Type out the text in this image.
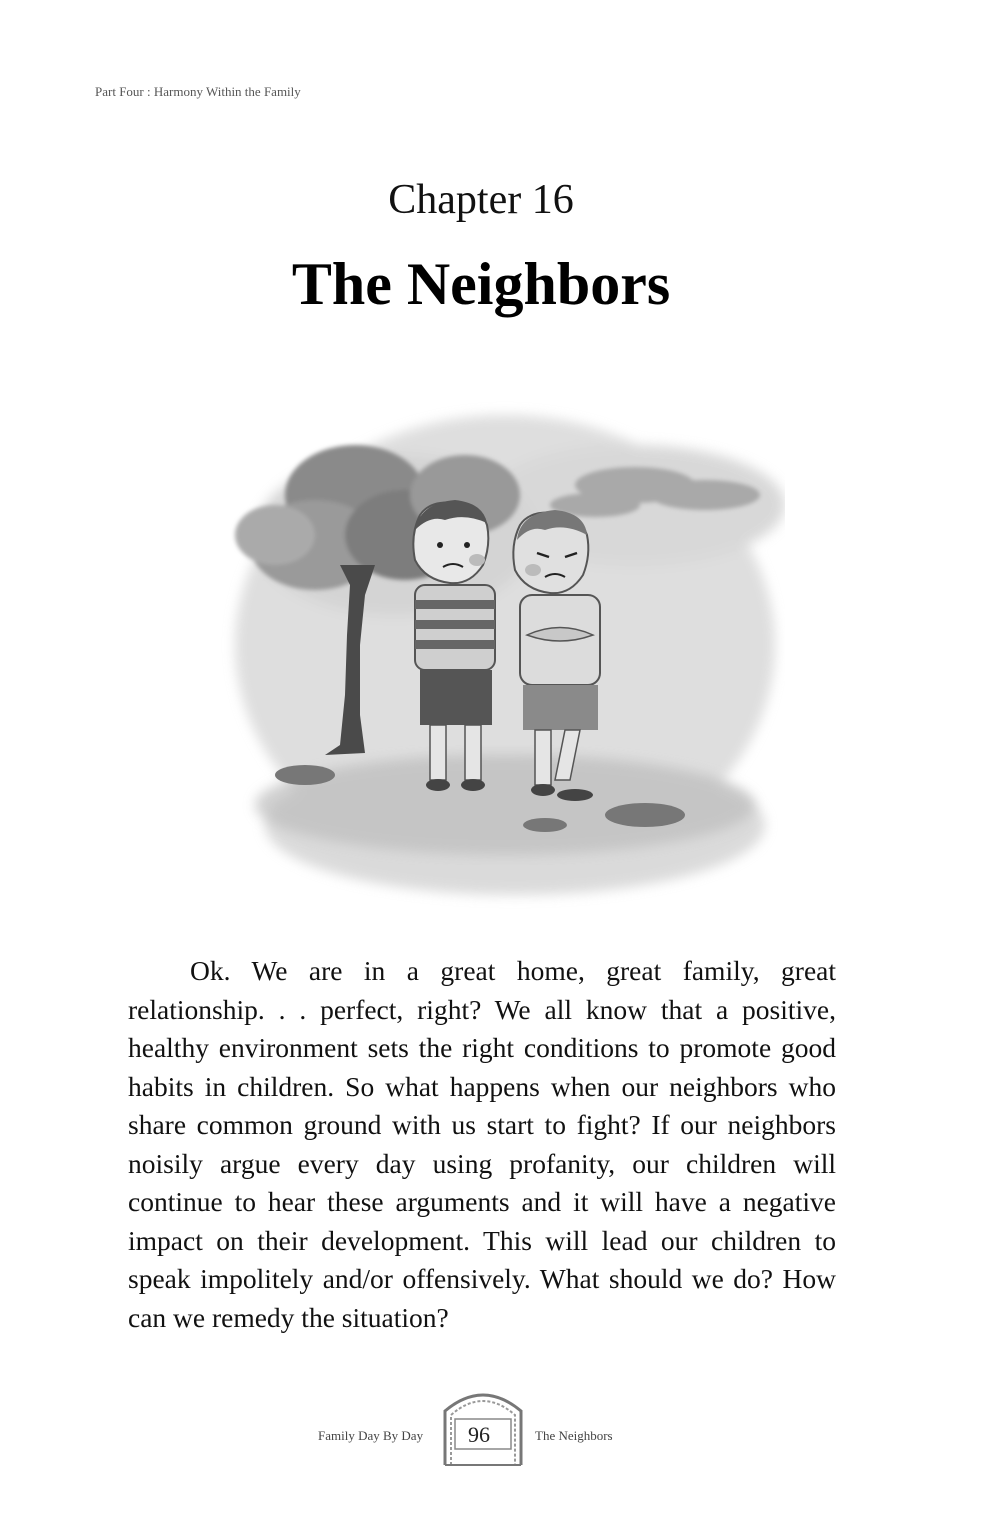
Part Four : Harmony Within the Family
Chapter 16
The Neighbors

Ok. We are in a great home, great family, great relationship. . . perfect, right? We all know that a positive, healthy environment sets the right conditions to promote good habits in children. So what happens when our neighbors who share common ground with us start to fight? If our neighbors noisily argue every day using profanity, our children will continue to hear these arguments and it will have a negative impact on their development. This will lead our children to speak impolitely and/or offensively. What should we do? How can we remedy the situation?

Family Day By Day	96	The Neighbors
